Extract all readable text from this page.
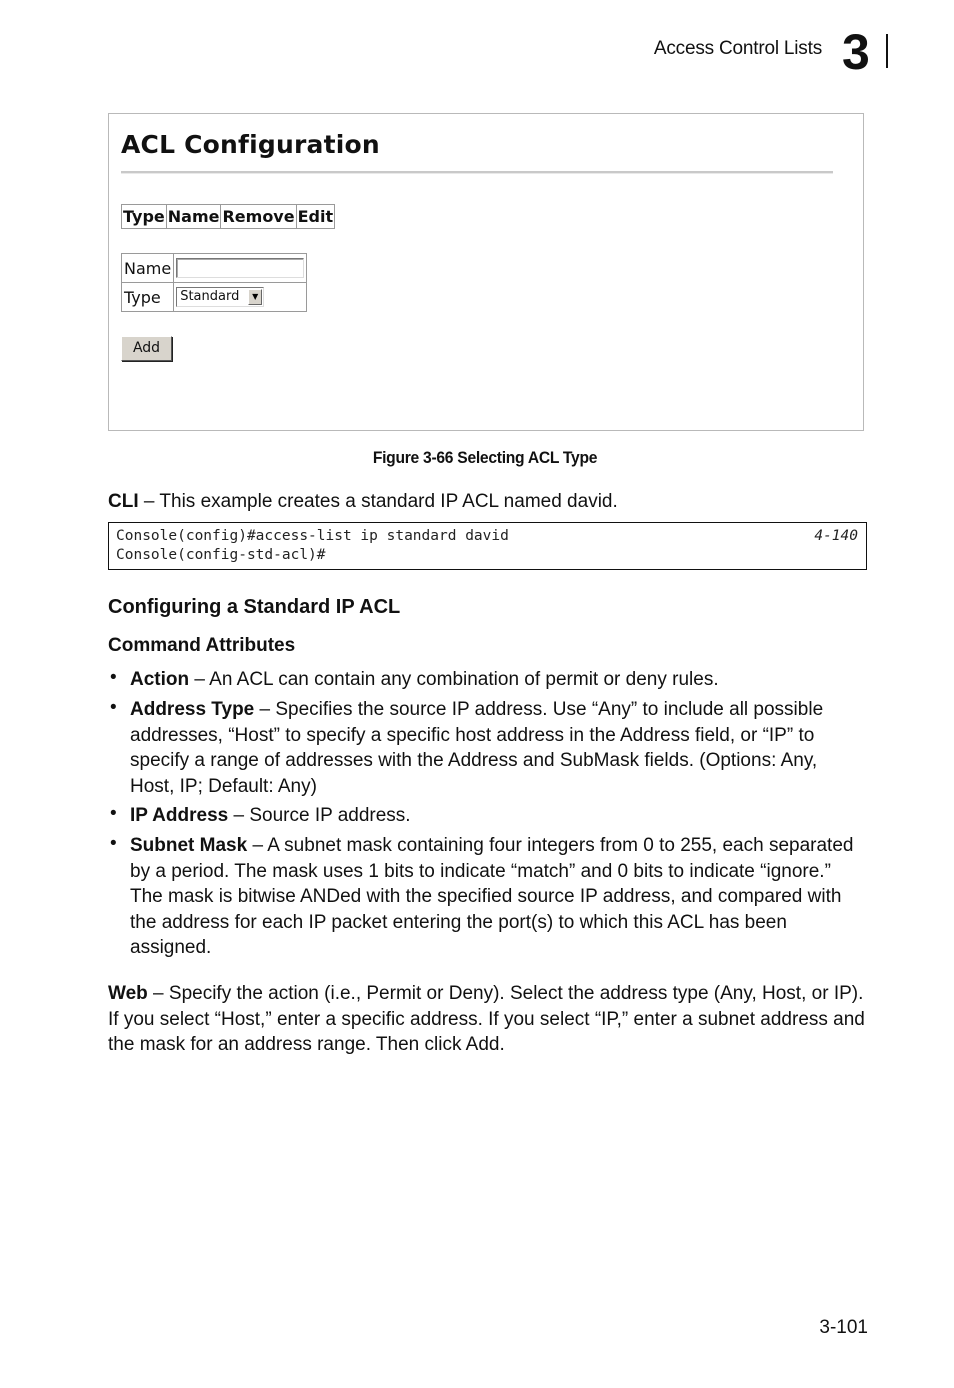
Access Control Lists 3
ACL Configuration
Type	Name	Remove	Edit
Name	
Type	Standard ▼
Add
Figure 3-66 Selecting ACL Type
CLI – This example creates a standard IP ACL named david.
Console(config)#access-list ip standard david
Console(config-std-acl)#
4-140
Configuring a Standard IP ACL
Command Attributes
• Action – An ACL can contain any combination of permit or deny rules.
• Address Type – Specifies the source IP address. Use “Any” to include all possible addresses, “Host” to specify a specific host address in the Address field, or “IP” to specify a range of addresses with the Address and SubMask fields. (Options: Any, Host, IP; Default: Any)
• IP Address – Source IP address.
• Subnet Mask – A subnet mask containing four integers from 0 to 255, each separated by a period. The mask uses 1 bits to indicate “match” and 0 bits to indicate “ignore.” The mask is bitwise ANDed with the specified source IP address, and compared with the address for each IP packet entering the port(s) to which this ACL has been assigned.
Web – Specify the action (i.e., Permit or Deny). Select the address type (Any, Host, or IP). If you select “Host,” enter a specific address. If you select “IP,” enter a subnet address and the mask for an address range. Then click Add.
3-101
